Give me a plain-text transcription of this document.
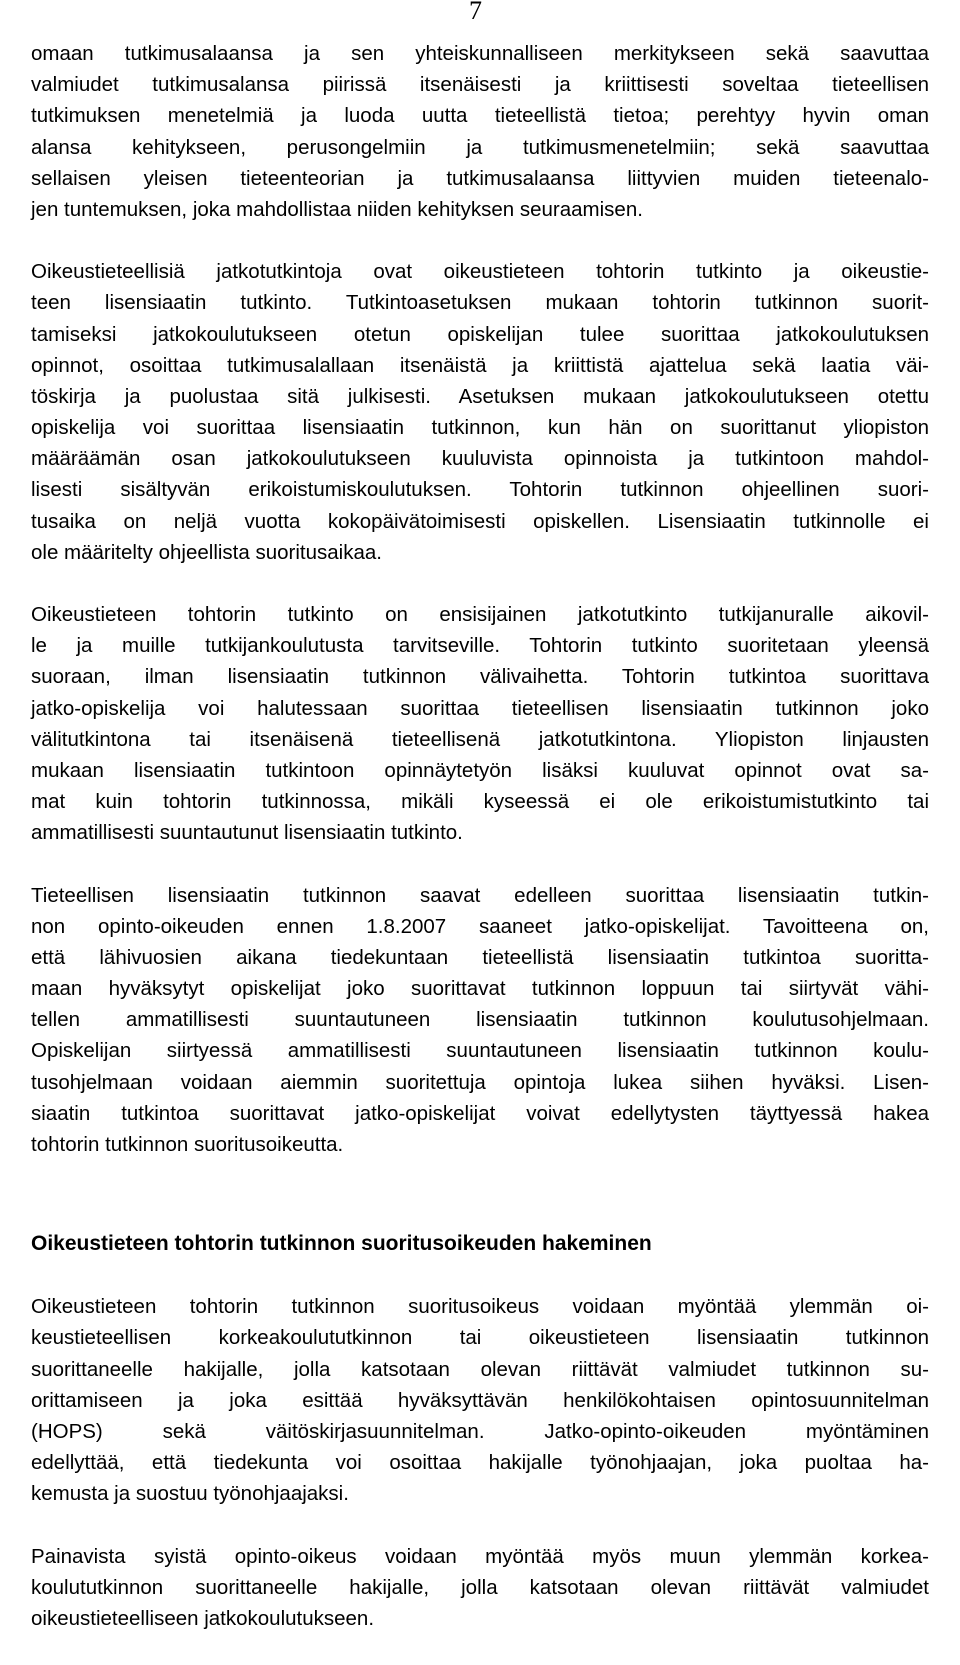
7
omaan tutkimusalaansa ja sen yhteiskunnalliseen merkitykseen sekä saavuttaa
valmiudet tutkimusalansa piirissä itsenäisesti ja kriittisesti soveltaa tieteellisen
tutkimuksen menetelmiä ja luoda uutta tieteellistä tietoa; perehtyy hyvin oman
alansa kehitykseen, perusongelmiin ja tutkimusmenetelmiin; sekä saavuttaa
sellaisen yleisen tieteenteorian ja tutkimusalaansa liittyvien muiden tieteenalo-
jen tuntemuksen, joka mahdollistaa niiden kehityksen seuraamisen.
Oikeustieteellisiä jatkotutkintoja ovat oikeustieteen tohtorin tutkinto ja oikeustie-
teen lisensiaatin tutkinto. Tutkintoasetuksen mukaan tohtorin tutkinnon suorit-
tamiseksi jatkokoulutukseen otetun opiskelijan tulee suorittaa jatkokoulutuksen
opinnot, osoittaa tutkimusalallaan itsenäistä ja kriittistä ajattelua sekä laatia väi-
töskirja ja puolustaa sitä julkisesti. Asetuksen mukaan jatkokoulutukseen otettu
opiskelija voi suorittaa lisensiaatin tutkinnon, kun hän on suorittanut yliopiston
määräämän osan jatkokoulutukseen kuuluvista opinnoista ja tutkintoon mahdol-
lisesti sisältyvän erikoistumiskoulutuksen. Tohtorin tutkinnon ohjeellinen suori-
tusaika on neljä vuotta kokopäivätoimisesti opiskellen. Lisensiaatin tutkinnolle ei
ole määritelty ohjeellista suoritusaikaa.
Oikeustieteen tohtorin tutkinto on ensisijainen jatkotutkinto tutkijanuralle aikovil-
le ja muille tutkijankoulutusta tarvitseville. Tohtorin tutkinto suoritetaan yleensä
suoraan, ilman lisensiaatin tutkinnon välivaihetta. Tohtorin tutkintoa suorittava
jatko-opiskelija voi halutessaan suorittaa tieteellisen lisensiaatin tutkinnon joko
välitutkintona tai itsenäisenä tieteellisenä jatkotutkintona. Yliopiston linjausten
mukaan lisensiaatin tutkintoon opinnäytetyön lisäksi kuuluvat opinnot ovat sa-
mat kuin tohtorin tutkinnossa, mikäli kyseessä ei ole erikoistumistutkinto tai
ammatillisesti suuntautunut lisensiaatin tutkinto.
Tieteellisen lisensiaatin tutkinnon saavat edelleen suorittaa lisensiaatin tutkin-
non opinto-oikeuden ennen 1.8.2007 saaneet jatko-opiskelijat. Tavoitteena on,
että lähivuosien aikana tiedekuntaan tieteellistä lisensiaatin tutkintoa suoritta-
maan hyväksytyt opiskelijat joko suorittavat tutkinnon loppuun tai siirtyvät vähi-
tellen ammatillisesti suuntautuneen lisensiaatin tutkinnon koulutusohjelmaan.
Opiskelijan siirtyessä ammatillisesti suuntautuneen lisensiaatin tutkinnon koulu-
tusohjelmaan voidaan aiemmin suoritettuja opintoja lukea siihen hyväksi. Lisen-
siaatin tutkintoa suorittavat jatko-opiskelijat voivat edellytysten täyttyessä hakea
tohtorin tutkinnon suoritusoikeutta.
Oikeustieteen tohtorin tutkinnon suoritusoikeuden hakeminen
Oikeustieteen tohtorin tutkinnon suoritusoikeus voidaan myöntää ylemmän oi-
keustieteellisen korkeakoulututkinnon tai oikeustieteen lisensiaatin tutkinnon
suorittaneelle hakijalle, jolla katsotaan olevan riittävät valmiudet tutkinnon su-
orittamiseen ja joka esittää hyväksyttävän henkilökohtaisen opintosuunnitelman
(HOPS) sekä väitöskirjasuunnitelman. Jatko-opinto-oikeuden myöntäminen
edellyttää, että tiedekunta voi osoittaa hakijalle työnohjaajan, joka puoltaa ha-
kemusta ja suostuu työnohjaajaksi.
Painavista syistä opinto-oikeus voidaan myöntää myös muun ylemmän korkea-
koulututkinnon suorittaneelle hakijalle, jolla katsotaan olevan riittävät valmiudet
oikeustieteelliseen jatkokoulutukseen.
